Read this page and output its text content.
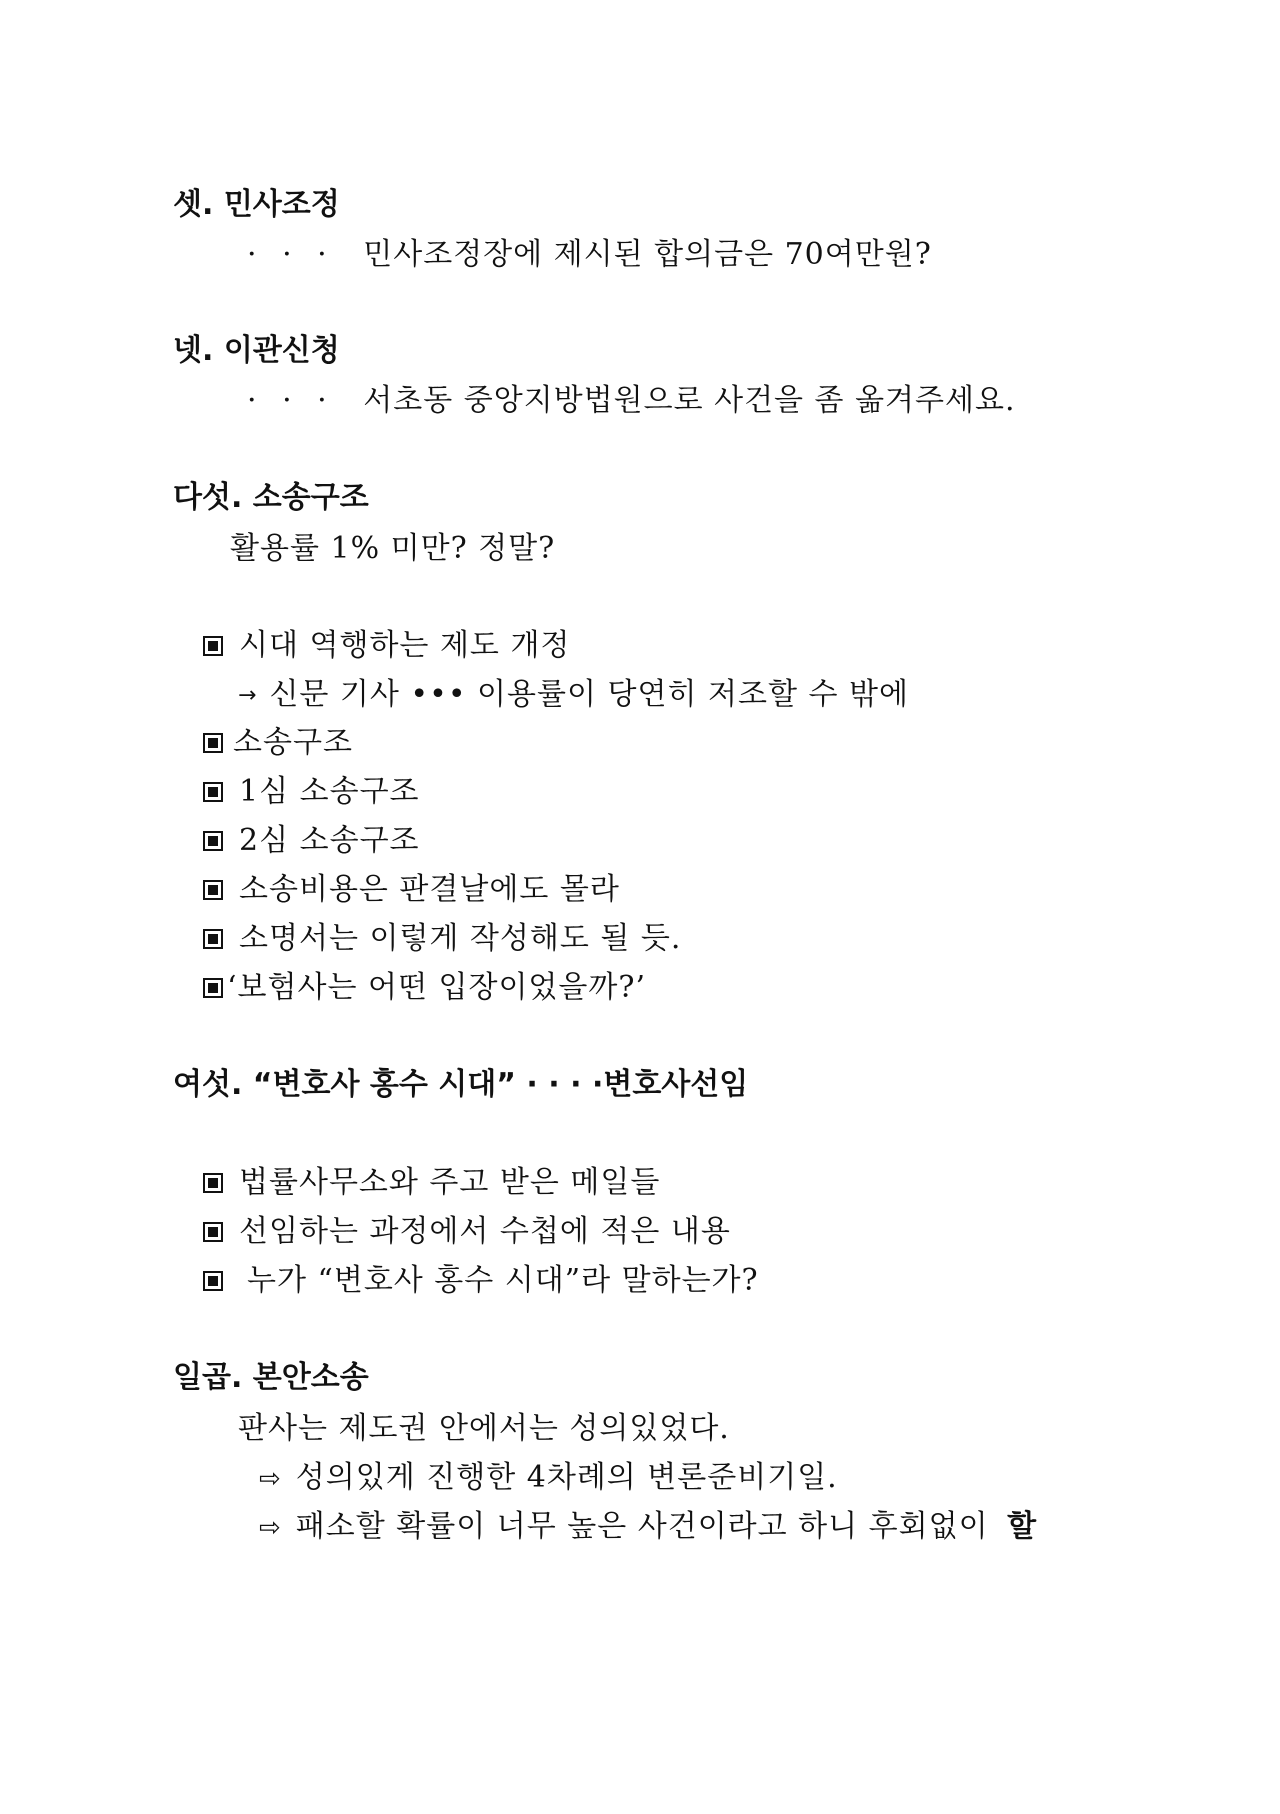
셋. 민사조정
· · · 민사조정장에 제시된 합의금은 70여만원?
넷. 이관신청
· · · 서초동 중앙지방법원으로 사건을 좀 옮겨주세요.
다섯. 소송구조
활용률 1% 미만? 정말?
시대 역행하는 제도 개정
→ 신문 기사 ••• 이용률이 당연히 저조할 수 밖에
소송구조
1심 소송구조
2심 소송구조
소송비용은 판결날에도 몰라
소명서는 이렇게 작성해도 될 듯.
‘보험사는 어떤 입장이었을까?’
여섯. “변호사 홍수 시대” · · · ·변호사선임
법률사무소와 주고 받은 메일들
선임하는 과정에서 수첩에 적은 내용
누가 “변호사 홍수 시대”라 말하는가?
일곱. 본안소송
판사는 제도권 안에서는 성의있었다.
⇨ 성의있게 진행한 4차례의 변론준비기일.
⇨ 패소할 확률이 너무 높은 사건이라고 하니 후회없이 할
